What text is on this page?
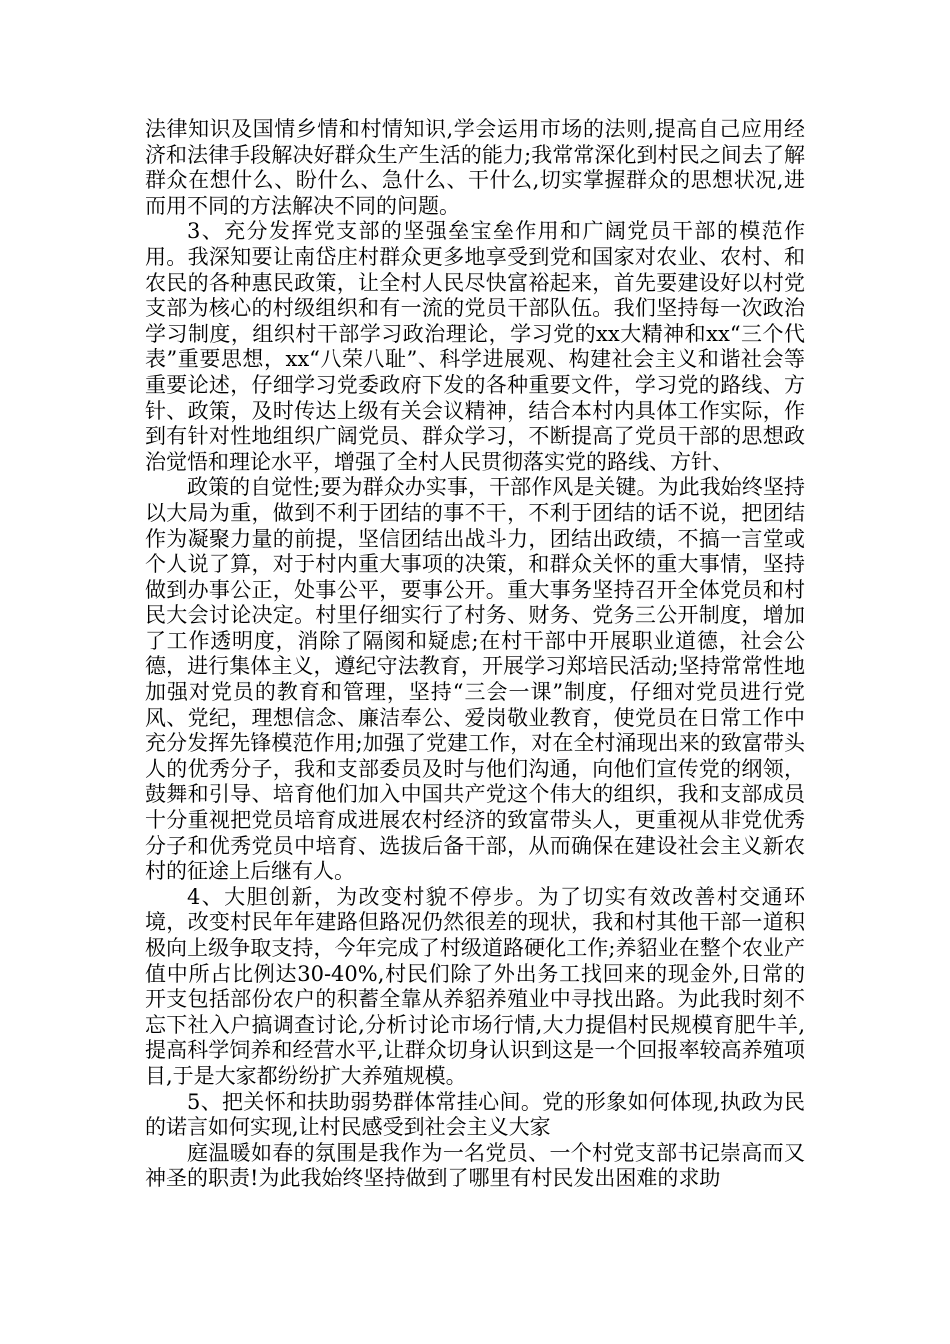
法律知识及国情乡情和村情知识,学会运用市场的法则,提高自己应用经济和法律手段解决好群众生产生活的能力;我常常深化到村民之间去了解群众在想什么、盼什么、急什么、干什么,切实掌握群众的思想状况,进而用不同的方法解决不同的问题。

3、充分发挥党支部的坚强垒宝垒作用和广阔党员干部的模范作用。我深知要让南岱庄村群众更多地享受到党和国家对农业、农村、和农民的各种惠民政策，让全村人民尽快富裕起来，首先要建设好以村党支部为核心的村级组织和有一流的党员干部队伍。我们坚持每一次政治学习制度，组织村干部学习政治理论，学习党的xx大精神和xx“三个代表”重要思想，xx“八荣八耻”、科学进展观、构建社会主义和谐社会等重要论述，仔细学习党委政府下发的各种重要文件，学习党的路线、方针、政策，及时传达上级有关会议精神，结合本村内具体工作实际，作到有针对性地组织广阔党员、群众学习，不断提高了党员干部的思想政治觉悟和理论水平，增强了全村人民贯彻落实党的路线、方针、

政策的自觉性;要为群众办实事，干部作风是关键。为此我始终坚持以大局为重，做到不利于团结的事不干，不利于团结的话不说，把团结作为凝聚力量的前提，坚信团结出战斗力，团结出政绩，不搞一言堂或个人说了算，对于村内重大事项的决策，和群众关怀的重大事情，坚持做到办事公正，处事公平，要事公开。重大事务坚持召开全体党员和村民大会讨论决定。村里仔细实行了村务、财务、党务三公开制度，增加了工作透明度，消除了隔阂和疑虑;在村干部中开展职业道德，社会公德，进行集体主义，遵纪守法教育，开展学习郑培民活动;坚持常常性地加强对党员的教育和管理，坚持“三会一课”制度，仔细对党员进行党风、党纪，理想信念、廉洁奉公、爱岗敬业教育，使党员在日常工作中充分发挥先锋模范作用;加强了党建工作，对在全村涌现出来的致富带头人的优秀分子，我和支部委员及时与他们沟通，向他们宣传党的纲领，鼓舞和引导、培育他们加入中国共产党这个伟大的组织，我和支部成员十分重视把党员培育成进展农村经济的致富带头人，更重视从非党优秀分子和优秀党员中培育、选拔后备干部，从而确保在建设社会主义新农村的征途上后继有人。

4、大胆创新，为改变村貌不停步。为了切实有效改善村交通环境，改变村民年年建路但路况仍然很差的现状，我和村其他干部一道积极向上级争取支持，今年完成了村级道路硬化工作;养貂业在整个农业产值中所占比例达30-40%,村民们除了外出务工找回来的现金外,日常的开支包括部份农户的积蓄全靠从养貂养殖业中寻找出路。为此我时刻不忘下社入户搞调查讨论,分析讨论市场行情,大力提倡村民规模育肥牛羊,提高科学饲养和经营水平,让群众切身认识到这是一个回报率较高养殖项目,于是大家都纷纷扩大养殖规模。

5、把关怀和扶助弱势群体常挂心间。党的形象如何体现,执政为民的诺言如何实现,让村民感受到社会主义大家

庭温暖如春的氛围是我作为一名党员、一个村党支部书记崇高而又神圣的职责!为此我始终坚持做到了哪里有村民发出困难的求助
